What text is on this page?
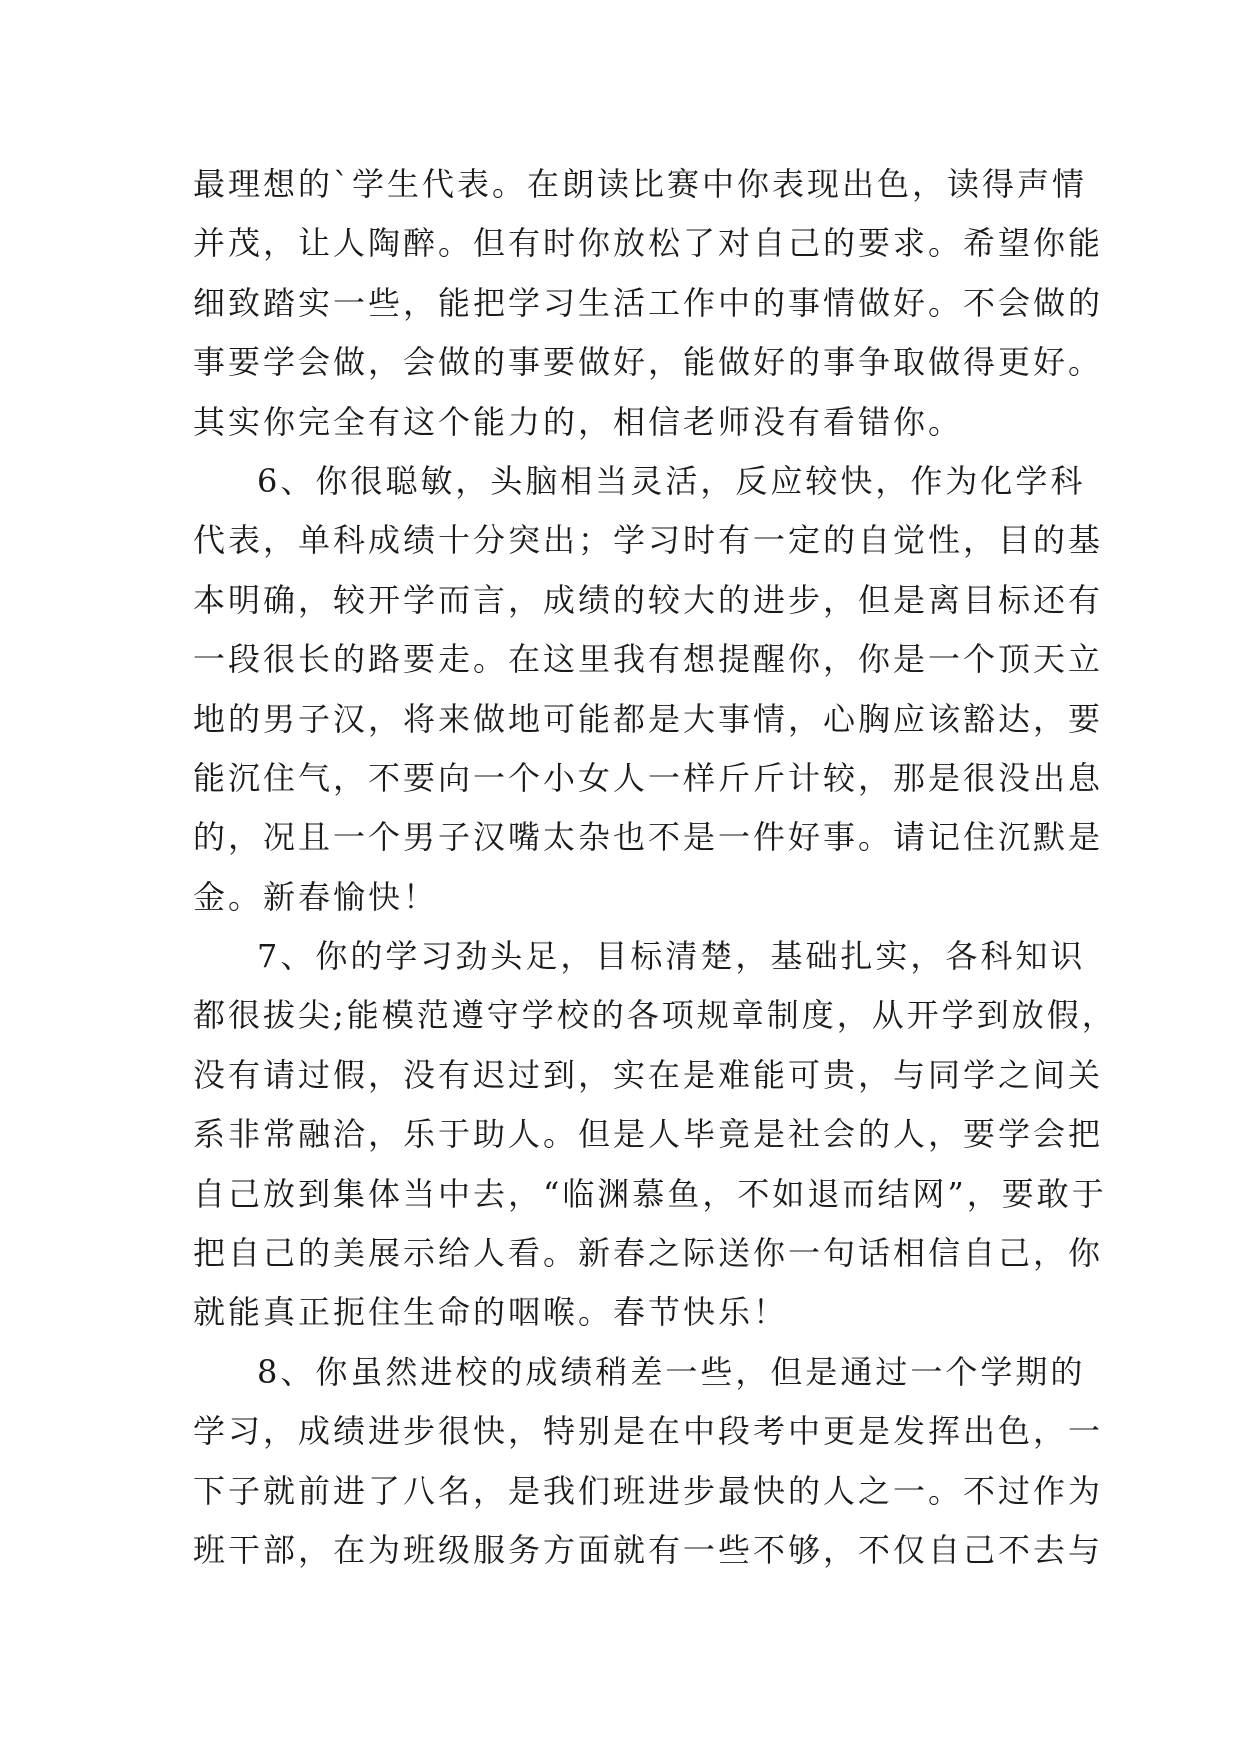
最理想的`学生代表。在朗读比赛中你表现出色，读得声情
并茂，让人陶醉。但有时你放松了对自己的要求。希望你能
细致踏实一些，能把学习生活工作中的事情做好。不会做的
事要学会做，会做的事要做好，能做好的事争取做得更好。
其实你完全有这个能力的，相信老师没有看错你。
6、你很聪敏，头脑相当灵活，反应较快，作为化学科
代表，单科成绩十分突出；学习时有一定的自觉性，目的基
本明确，较开学而言，成绩的较大的进步，但是离目标还有
一段很长的路要走。在这里我有想提醒你，你是一个顶天立
地的男子汉，将来做地可能都是大事情，心胸应该豁达，要
能沉住气，不要向一个小女人一样斤斤计较，那是很没出息
的，况且一个男子汉嘴太杂也不是一件好事。请记住沉默是
金。新春愉快！
7、你的学习劲头足，目标清楚，基础扎实，各科知识
都很拔尖;能模范遵守学校的各项规章制度，从开学到放假，
没有请过假，没有迟过到，实在是难能可贵，与同学之间关
系非常融洽，乐于助人。但是人毕竟是社会的人，要学会把
自己放到集体当中去，“临渊慕鱼，不如退而结网”，要敢于
把自己的美展示给人看。新春之际送你一句话相信自己，你
就能真正扼住生命的咽喉。春节快乐！
8、你虽然进校的成绩稍差一些，但是通过一个学期的
学习，成绩进步很快，特别是在中段考中更是发挥出色，一
下子就前进了八名，是我们班进步最快的人之一。不过作为
班干部，在为班级服务方面就有一些不够，不仅自己不去与
